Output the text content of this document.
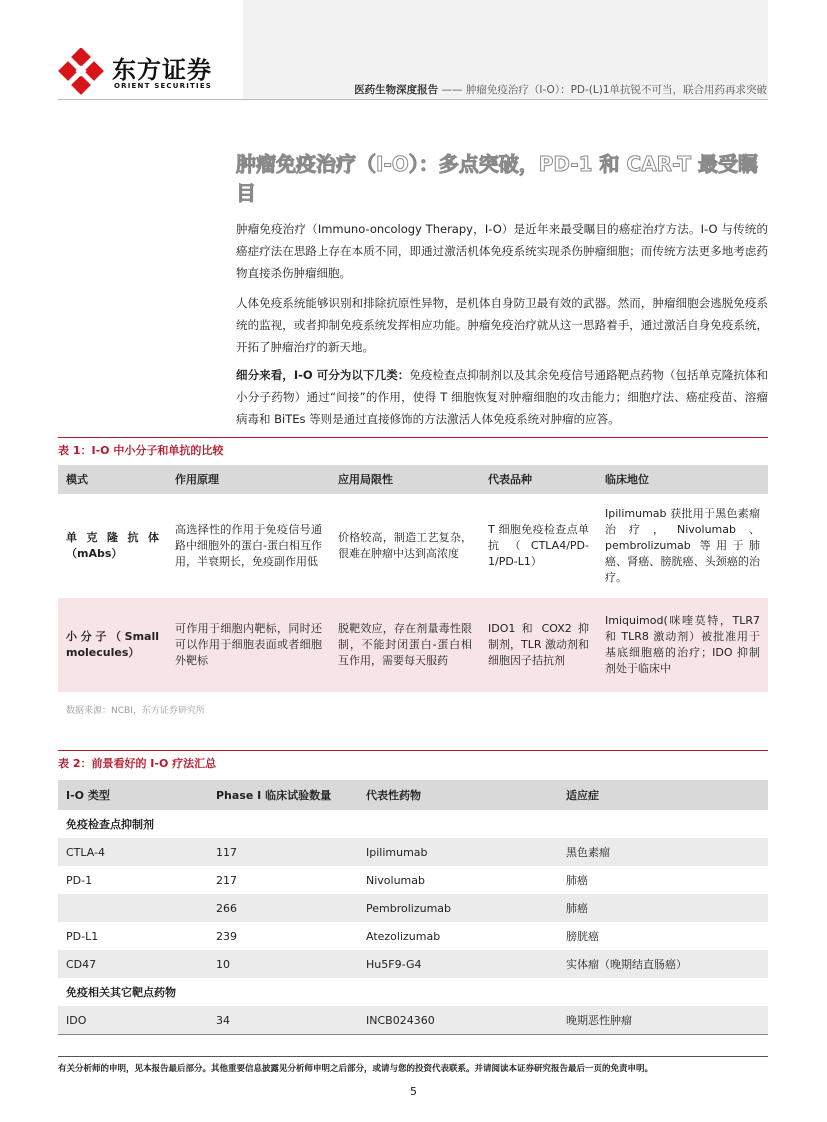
东方证券
ORIENT SECURITIES	医药生物深度报告 —— 肿瘤免疫治疗（I-O）：PD-(L)1单抗锐不可当，联合用药再求突破
肿瘤免疫治疗（I-O）：多点突破，PD-1 和 CAR-T 最受瞩目

肿瘤免疫治疗（Immuno-oncology Therapy，I-O）是近年来最受瞩目的癌症治疗方法。I-O 与传统的癌症疗法在思路上存在本质不同，即通过激活机体免疫系统实现杀伤肿瘤细胞；而传统方法更多地考虑药物直接杀伤肿瘤细胞。

人体免疫系统能够识别和排除抗原性异物，是机体自身防卫最有效的武器。然而，肿瘤细胞会逃脱免疫系统的监视，或者抑制免疫系统发挥相应功能。肿瘤免疫治疗就从这一思路着手，通过激活自身免疫系统，开拓了肿瘤治疗的新天地。

细分来看，I-O 可分为以下几类：免疫检查点抑制剂以及其余免疫信号通路靶点药物（包括单克隆抗体和小分子药物）通过“间接”的作用，使得 T 细胞恢复对肿瘤细胞的攻击能力；细胞疗法、癌症疫苗、溶瘤病毒和 BiTEs 等则是通过直接修饰的方法激活人体免疫系统对肿瘤的应答。

表 1：I-O 中小分子和单抗的比较
模式	作用原理	应用局限性	代表品种	临床地位
单克隆抗体（mAbs）	高选择性的作用于免疫信号通路中细胞外的蛋白-蛋白相互作用，半衰期长，免疫副作用低	价格较高，制造工艺复杂，很难在肿瘤中达到高浓度	T 细胞免疫检查点单抗（CTLA4/PD-1/PD-L1）	Ipilimumab 获批用于黑色素瘤治疗，Nivolumab、pembrolizumab 等用于肺癌、肾癌、膀胱癌、头颈癌的治疗。
小分子（Small molecules）	可作用于细胞内靶标，同时还可以作用于细胞表面或者细胞外靶标	脱靶效应，存在剂量毒性限制，不能封闭蛋白-蛋白相互作用，需要每天服药	IDO1 和 COX2 抑制剂，TLR 激动剂和细胞因子拮抗剂	Imiquimod(咪喹莫特，TLR7 和 TLR8 激动剂）被批准用于基底细胞癌的治疗；IDO 抑制剂处于临床中
数据来源：NCBI，东方证券研究所
表 2：前景看好的 I-O 疗法汇总
I-O 类型	Phase I 临床试验数量	代表性药物	适应症
免疫检查点抑制剂			
CTLA-4	117	Ipilimumab	黑色素瘤
PD-1	217	Nivolumab	肺癌
	266	Pembrolizumab	肺癌
PD-L1	239	Atezolizumab	膀胱癌
CD47	10	Hu5F9-G4	实体瘤（晚期结直肠癌）
免疫相关其它靶点药物			
IDO	34	INCB024360	晚期恶性肿瘤
有关分析师的申明，见本报告最后部分。其他重要信息披露见分析师申明之后部分，或请与您的投资代表联系。并请阅读本证券研究报告最后一页的免责申明。
5
